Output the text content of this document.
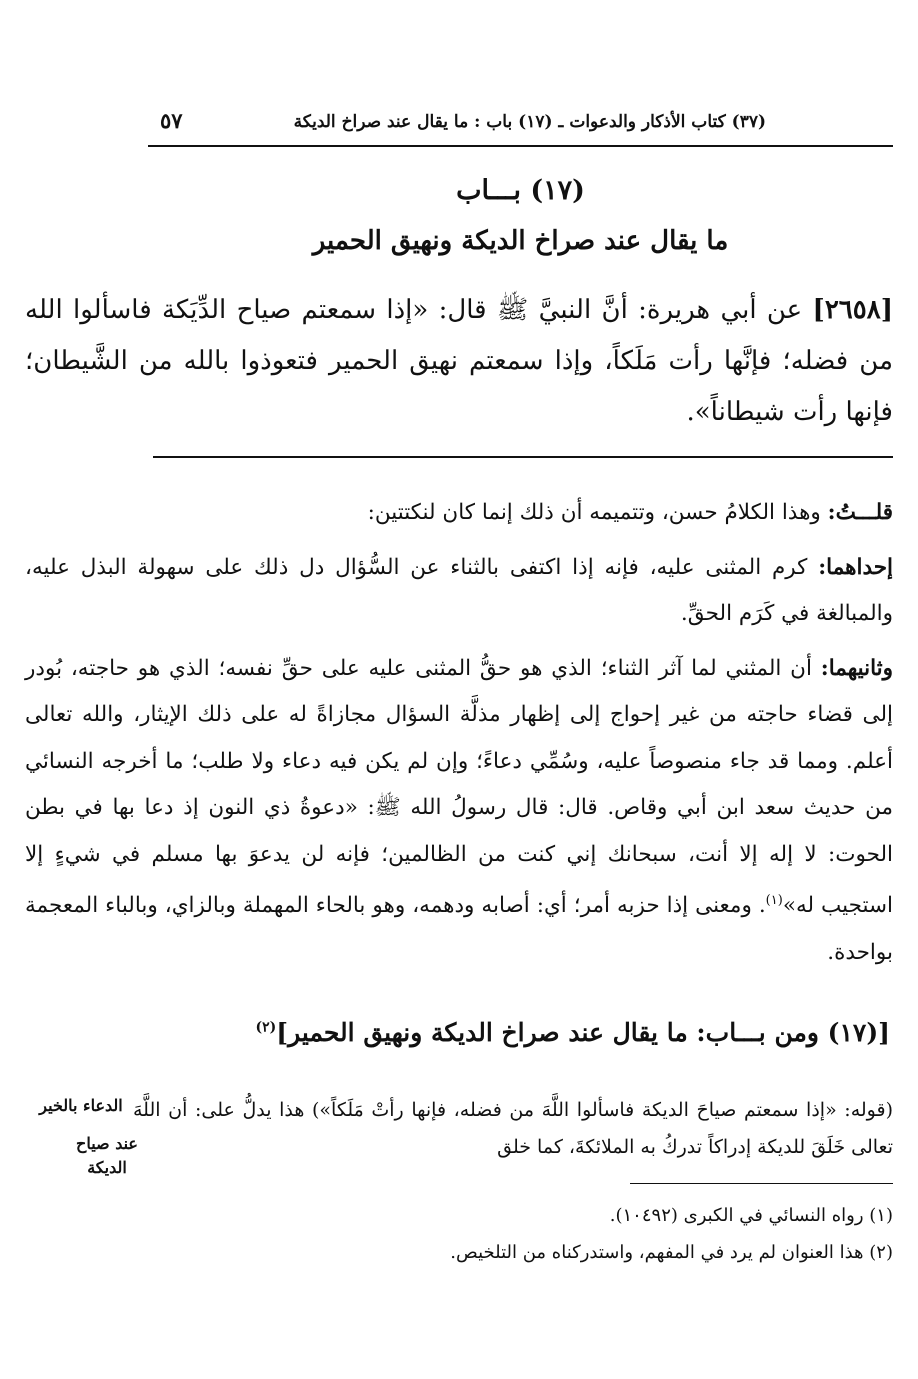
(٣٧) كتاب الأذكار والدعوات ـ (١٧) باب : ما يقال عند صراخ الديكة
٥٧
(١٧) بـــاب
ما يقال عند صراخ الديكة ونهيق الحمير
[٢٦٥٨] عن أبي هريرة: أنَّ النبيَّ ﷺ قال: «إذا سمعتم صياح الدِّيَكة فاسألوا الله من فضله؛ فإنَّها رأت مَلَكاً، وإذا سمعتم نهيق الحمير فتعوذوا بالله من الشَّيطان؛ فإنها رأت شيطاناً».

قلـــتُ: وهذا الكلامُ حسن، وتتميمه أن ذلك إنما كان لنكتتين:

إحداهما: كرم المثنى عليه، فإنه إذا اكتفى بالثناء عن السُّؤال دل ذلك على سهولة البذل عليه، والمبالغة في كَرَم الحقِّ.

وثانيهما: أن المثني لما آثر الثناء؛ الذي هو حقُّ المثنى عليه على حقِّ نفسه؛ الذي هو حاجته، بُودر إلى قضاء حاجته من غير إحواج إلى إظهار مذلَّة السؤال مجازاةً له على ذلك الإيثار، والله تعالى أعلم. ومما قد جاء منصوصاً عليه، وسُمِّي دعاءً؛ وإن لم يكن فيه دعاء ولا طلب؛ ما أخرجه النسائي من حديث سعد ابن أبي وقاص. قال: قال رسولُ الله ﷺ: «دعوةُ ذي النون إذ دعا بها في بطن الحوت: لا إله إلا أنت، سبحانك إني كنت من الظالمين؛ فإنه لن يدعوَ بها مسلم في شيءٍ إلا استجيب له»$^{(١)}$. ومعنى إذا حزبه أمر؛ أي: أصابه ودهمه، وهو بالحاء المهملة وبالزاي، وبالباء المعجمة بواحدة.

[(١٧) ومن بـــاب: ما يقال عند صراخ الديكة ونهيق الحمير]$^{(٢)}$
(قوله: «إذا سمعتم صياحَ الديكة فاسألوا اللَّهَ من فضله، فإنها رأتْ مَلَكاً») هذا يدلُّ على: أن اللَّهَ تعالى خَلَقَ للديكة إدراكاً تدركُ به الملائكةَ، كما خلق
الدعاء بالخير
عند صياح الديكة
(١) رواه النسائي في الكبرى (١٠٤٩٢).
(٢) هذا العنوان لم يرد في المفهم، واستدركناه من التلخيص.
